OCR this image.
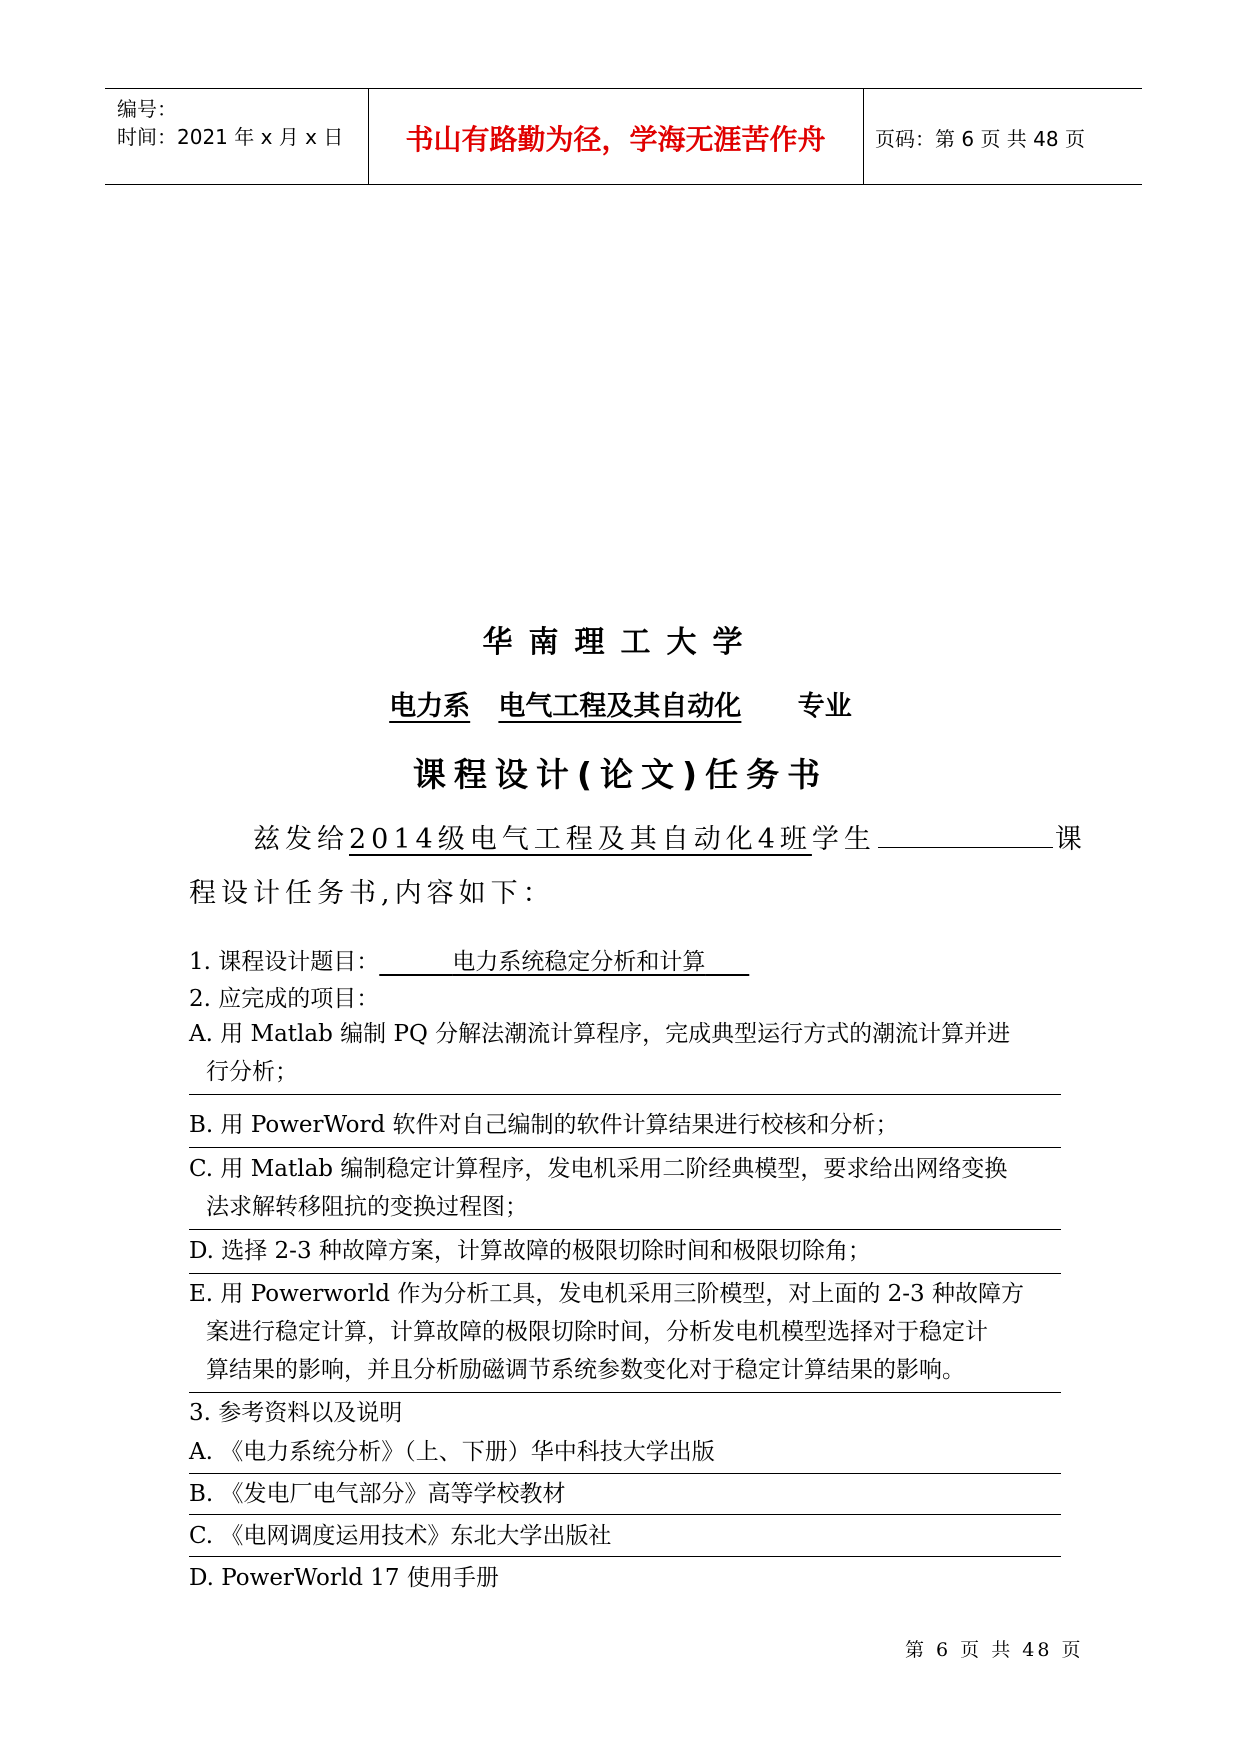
编号：
时间：2021 年 x 月 x 日	书山有路勤为径，学海无涯苦作舟	页码：第 6 页 共 48 页
华南理工大学
电力系 电气工程及其自动化 专业
课程设计(论文)任务书
兹发给2014级电气工程及其自动化4班学生	课
程设计任务书,内容如下：
1. 课程设计题目：	电力系统稳定分析和计算
2. 应完成的项目：
A. 用 Matlab 编制 PQ 分解法潮流计算程序，完成典型运行方式的潮流计算并进
行分析；
B. 用 PowerWord 软件对自己编制的软件计算结果进行校核和分析；
C. 用 Matlab 编制稳定计算程序，发电机采用二阶经典模型，要求给出网络变换
法求解转移阻抗的变换过程图；
D. 选择 2-3 种故障方案，计算故障的极限切除时间和极限切除角；
E. 用 Powerworld 作为分析工具，发电机采用三阶模型，对上面的 2-3 种故障方
案进行稳定计算，计算故障的极限切除时间，分析发电机模型选择对于稳定计
算结果的影响，并且分析励磁调节系统参数变化对于稳定计算结果的影响。
3. 参考资料以及说明
A. 《电力系统分析》（上、下册）华中科技大学出版
B. 《发电厂电气部分》高等学校教材
C. 《电网调度运用技术》东北大学出版社
D. PowerWorld 17 使用手册
第 6 页 共 48 页
